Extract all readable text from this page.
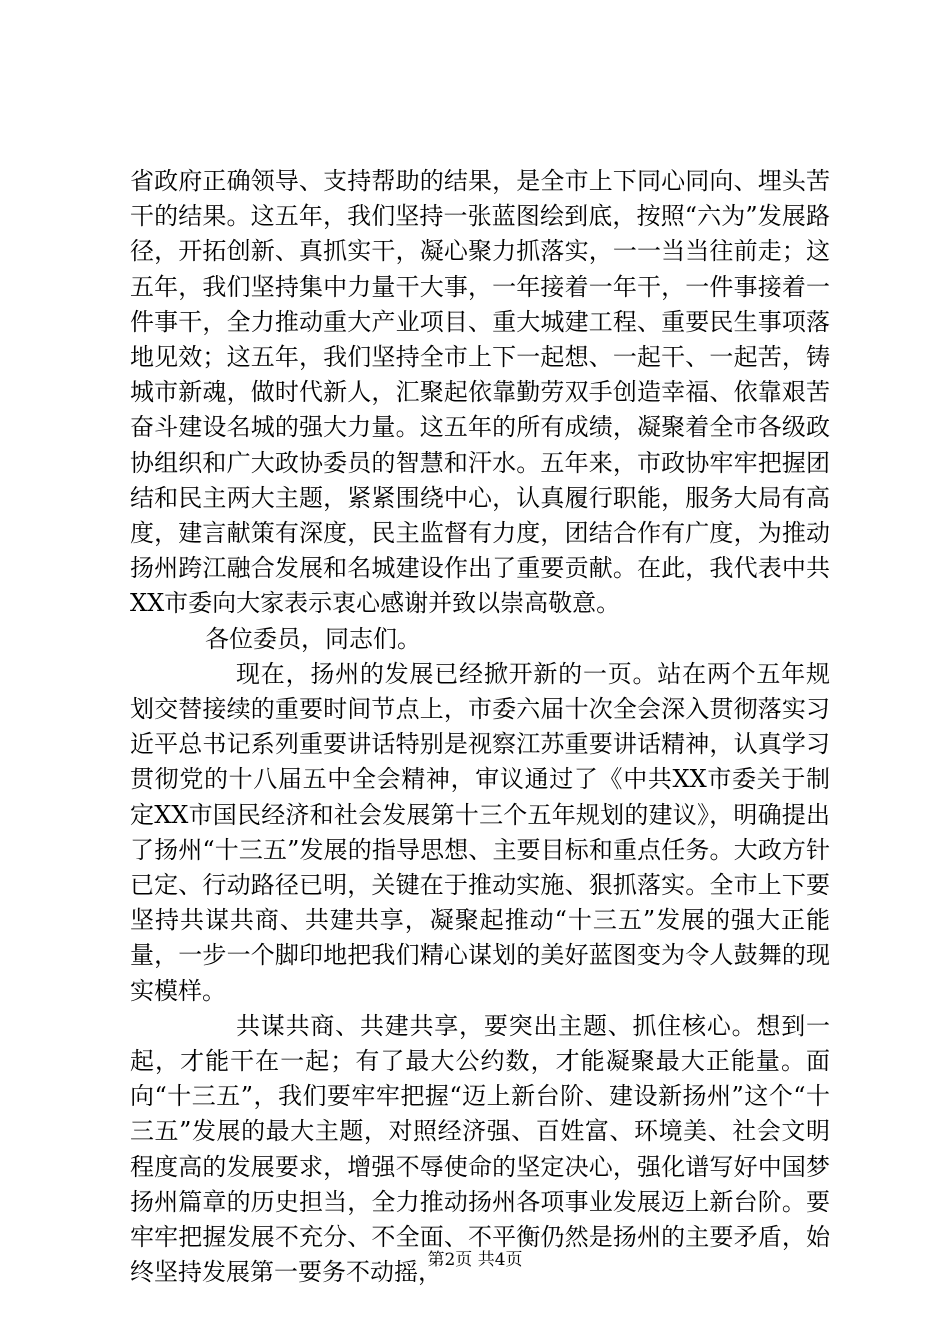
省政府正确领导、支持帮助的结果，是全市上下同心同向、埋头苦干的结果。这五年，我们坚持一张蓝图绘到底，按照“六为”发展路径，开拓创新、真抓实干，凝心聚力抓落实，一一当当往前走；这五年，我们坚持集中力量干大事，一年接着一年干，一件事接着一件事干，全力推动重大产业项目、重大城建工程、重要民生事项落地见效；这五年，我们坚持全市上下一起想、一起干、一起苦，铸城市新魂，做时代新人，汇聚起依靠勤劳双手创造幸福、依靠艰苦奋斗建设名城的强大力量。这五年的所有成绩，凝聚着全市各级政协组织和广大政协委员的智慧和汗水。五年来，市政协牢牢把握团结和民主两大主题，紧紧围绕中心，认真履行职能，服务大局有高度，建言献策有深度，民主监督有力度，团结合作有广度，为推动扬州跨江融合发展和名城建设作出了重要贡献。在此，我代表中共XX市委向大家表示衷心感谢并致以崇高敬意。

各位委员，同志们。

现在，扬州的发展已经掀开新的一页。站在两个五年规划交替接续的重要时间节点上，市委六届十次全会深入贯彻落实习近平总书记系列重要讲话特别是视察江苏重要讲话精神，认真学习贯彻党的十八届五中全会精神，审议通过了《中共XX市委关于制定XX市国民经济和社会发展第十三个五年规划的建议》，明确提出了扬州“十三五”发展的指导思想、主要目标和重点任务。大政方针已定、行动路径已明，关键在于推动实施、狠抓落实。全市上下要坚持共谋共商、共建共享，凝聚起推动“十三五”发展的强大正能量，一步一个脚印地把我们精心谋划的美好蓝图变为令人鼓舞的现实模样。

共谋共商、共建共享，要突出主题、抓住核心。想到一起，才能干在一起；有了最大公约数，才能凝聚最大正能量。面向“十三五”，我们要牢牢把握“迈上新台阶、建设新扬州”这个“十三五”发展的最大主题，对照经济强、百姓富、环境美、社会文明程度高的发展要求，增强不辱使命的坚定决心，强化谱写好中国梦扬州篇章的历史担当，全力推动扬州各项事业发展迈上新台阶。要牢牢把握发展不充分、不全面、不平衡仍然是扬州的主要矛盾，始终坚持发展第一要务不动摇，

第2页 共4页
